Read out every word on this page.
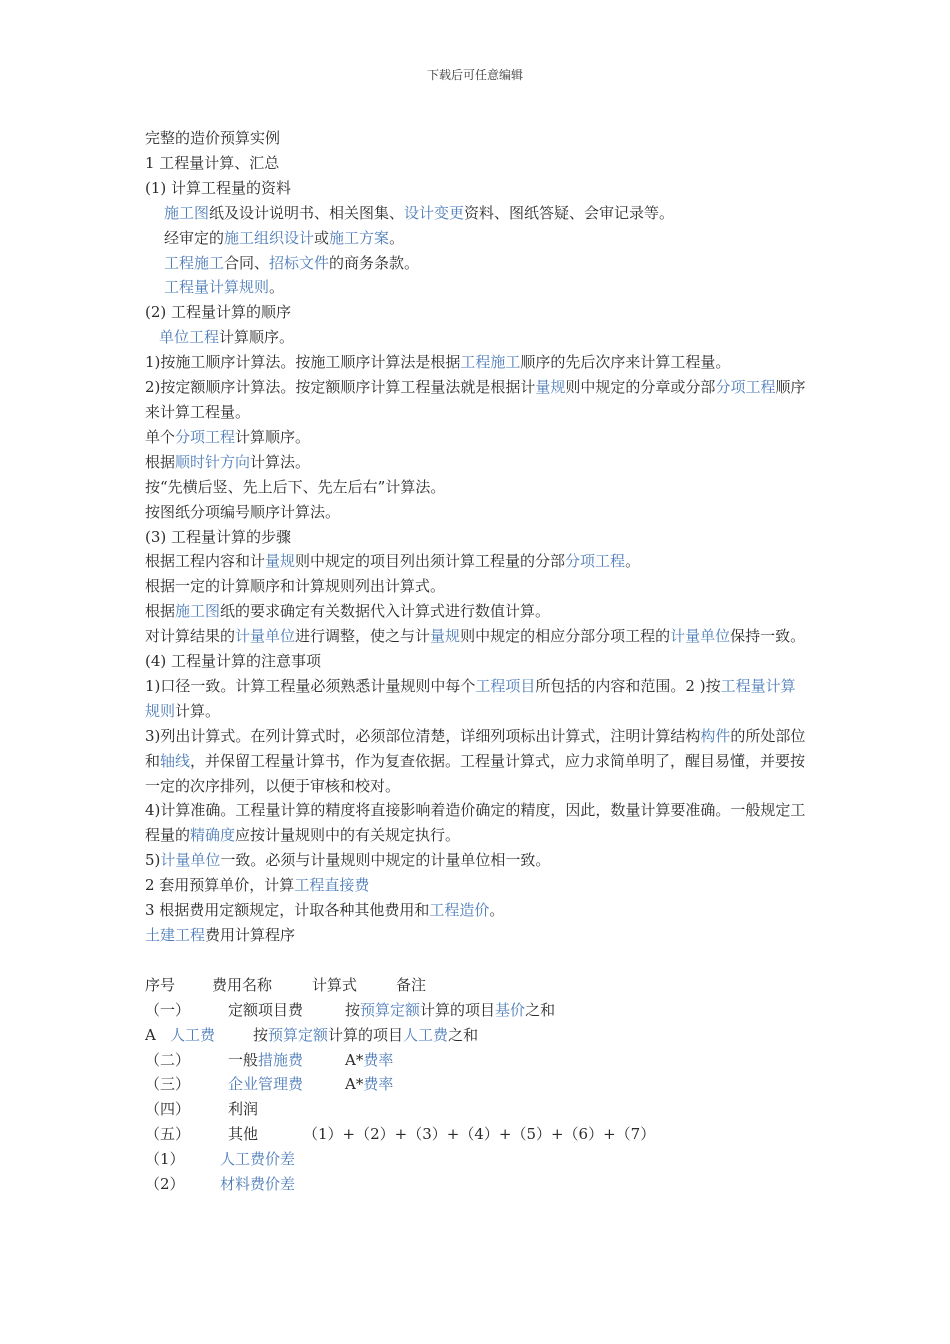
下载后可任意编辑
完整的造价预算实例
1 工程量计算、汇总
(1) 计算工程量的资料
施工图纸及设计说明书、相关图集、设计变更资料、图纸答疑、会审记录等。
经审定的施工组织设计或施工方案。
工程施工合同、招标文件的商务条款。
工程量计算规则。
(2) 工程量计算的顺序
单位工程计算顺序。
1)按施工顺序计算法。按施工顺序计算法是根据工程施工顺序的先后次序来计算工程量。
2)按定额顺序计算法。按定额顺序计算工程量法就是根据计量规则中规定的分章或分部分项工程顺序来计算工程量。
单个分项工程计算顺序。
根据顺时针方向计算法。
按“先横后竖、先上后下、先左后右”计算法。
按图纸分项编号顺序计算法。
(3) 工程量计算的步骤
根据工程内容和计量规则中规定的项目列出须计算工程量的分部分项工程。
根据一定的计算顺序和计算规则列出计算式。
根据施工图纸的要求确定有关数据代入计算式进行数值计算。
对计算结果的计量单位进行调整，使之与计量规则中规定的相应分部分项工程的计量单位保持一致。
(4) 工程量计算的注意事项
1)口径一致。计算工程量必须熟悉计量规则中每个工程项目所包括的内容和范围。2 )按工程量计算规则计算。
3)列出计算式。在列计算式时，必须部位清楚，详细列项标出计算式，注明计算结构构件的所处部位和轴线，并保留工程量计算书，作为复查依据。工程量计算式，应力求简单明了，醒目易懂，并要按一定的次序排列，以便于审核和校对。
4)计算准确。工程量计算的精度将直接影响着造价确定的精度，因此，数量计算要准确。一般规定工程量的精确度应按计量规则中的有关规定执行。
5)计量单位一致。必须与计量规则中规定的计量单位相一致。
2 套用预算单价，计算工程直接费
3 根据费用定额规定，计取各种其他费用和工程造价。
土建工程费用计算程序
序号 费用名称	计算式	备注
（一）	定额项目费	按预算定额计算的项目基价之和
A 人工费	按预算定额计算的项目人工费之和
（二）	一般措施费	A*费率
（三）	企业管理费	A*费率
（四）	利润
（五）	其他	（1）+（2）+（3）+（4）+（5）+（6）+（7）
（1） 人工费价差
（2） 材料费价差
